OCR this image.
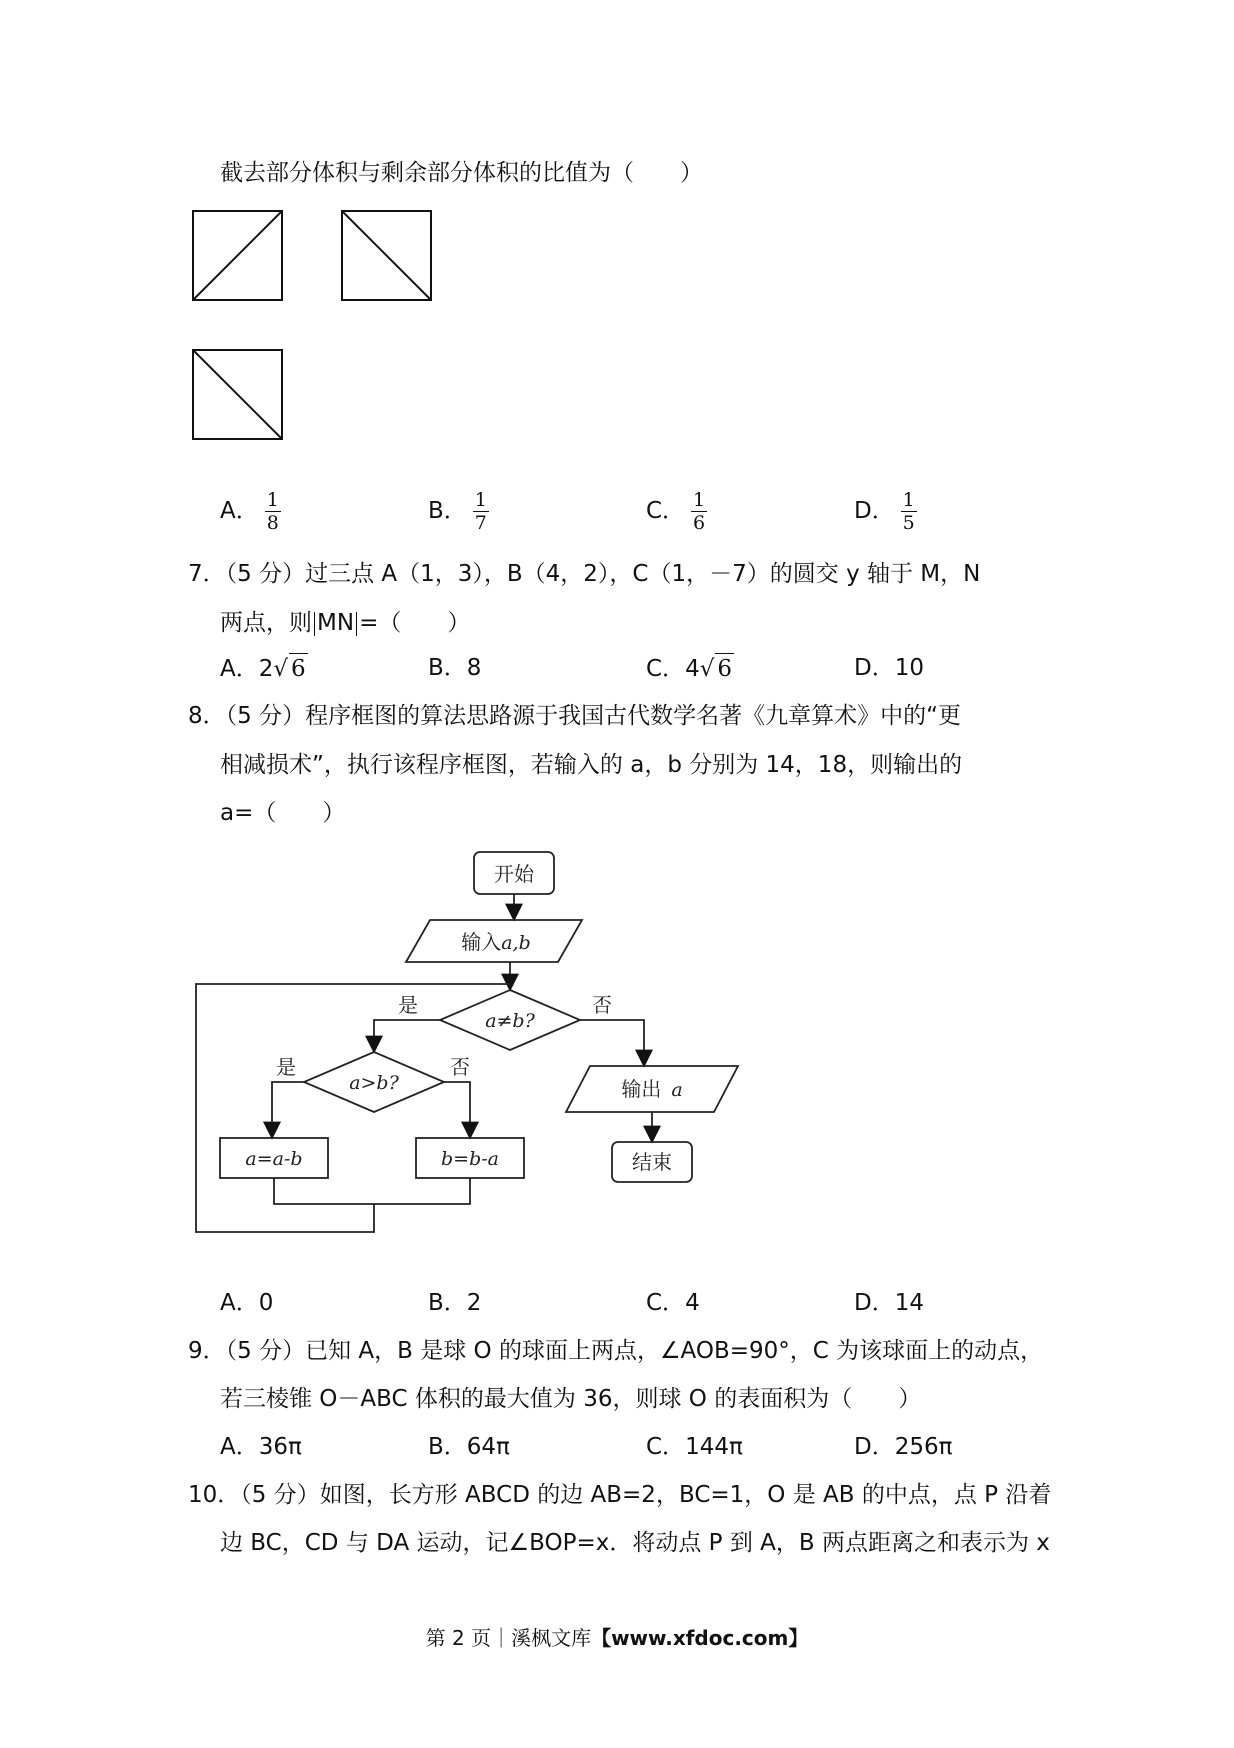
截去部分体积与剩余部分体积的比值为（　　）
A． $\frac{1}{8}$	B． $\frac{1}{7}$	C． $\frac{1}{6}$	D． $\frac{1}{5}$
7．（5 分）过三点 A（1，3），B（4，2），C（1，－7）的圆交 y 轴于 M，N
两点，则 MN =（　　）
A．2√ 6	B．8	C．4√ 6	D．10
8．（5 分）程序框图的算法思路源于我国古代数学名著《九章算术》中的“更
相减损术”，执行该程序框图，若输入的 a，b 分别为 14，18，则输出的
a=（　　）
开始
输入a,b
a≠b?
是	否
a>b?
是	否
a=a-b	b=b-a
输出 a
结束
A．0	B．2	C．4	D．14
9．（5 分）已知 A，B 是球 O 的球面上两点，∠AOB=90°，C 为该球面上的动点，
若三棱锥 O－ABC 体积的最大值为 36，则球 O 的表面积为（　　）
A．36π	B．64π	C．144π	D．256π
10．（5 分）如图，长方形 ABCD 的边 AB=2，BC=1，O 是 AB 的中点，点 P 沿着
边 BC，CD 与 DA 运动，记∠BOP=x．将动点 P 到 A，B 两点距离之和表示为 x
第 2 页｜溪枫文库【www.xfdoc.com】
